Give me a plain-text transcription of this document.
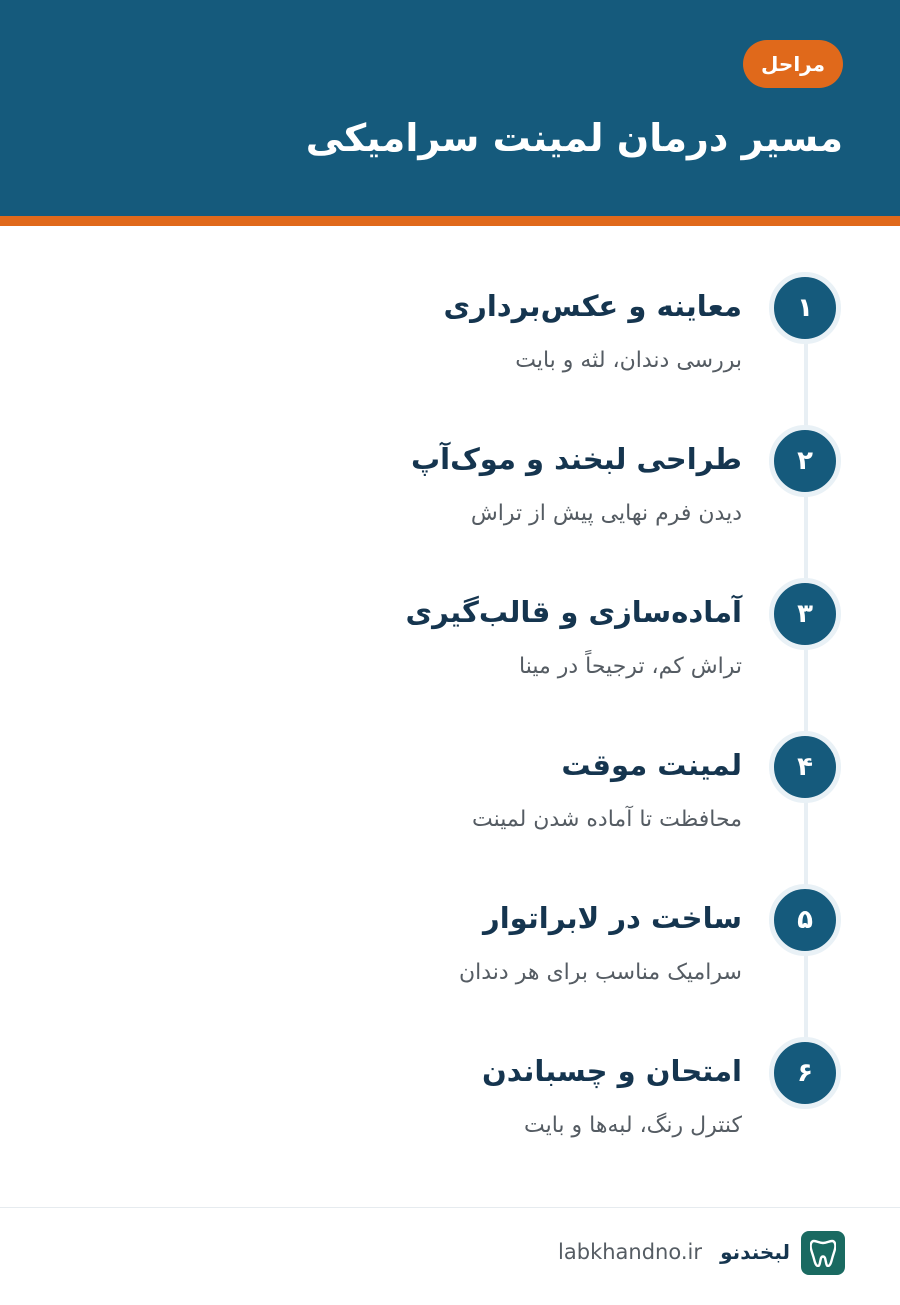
مراحل
مسیر درمان لمینت سرامیکی
۱
معاینه و عکس‌برداری
بررسی دندان، لثه و بایت
۲
طراحی لبخند و موک‌آپ
دیدن فرم نهایی پیش از تراش
۳
آماده‌سازی و قالب‌گیری
تراش کم، ترجیحاً در مینا
۴
لمینت موقت
محافظت تا آماده شدن لمینت
۵
ساخت در لابراتوار
سرامیک مناسب برای هر دندان
۶
امتحان و چسباندن
کنترل رنگ، لبه‌ها و بایت
لبخندنو
labkhandno.ir
